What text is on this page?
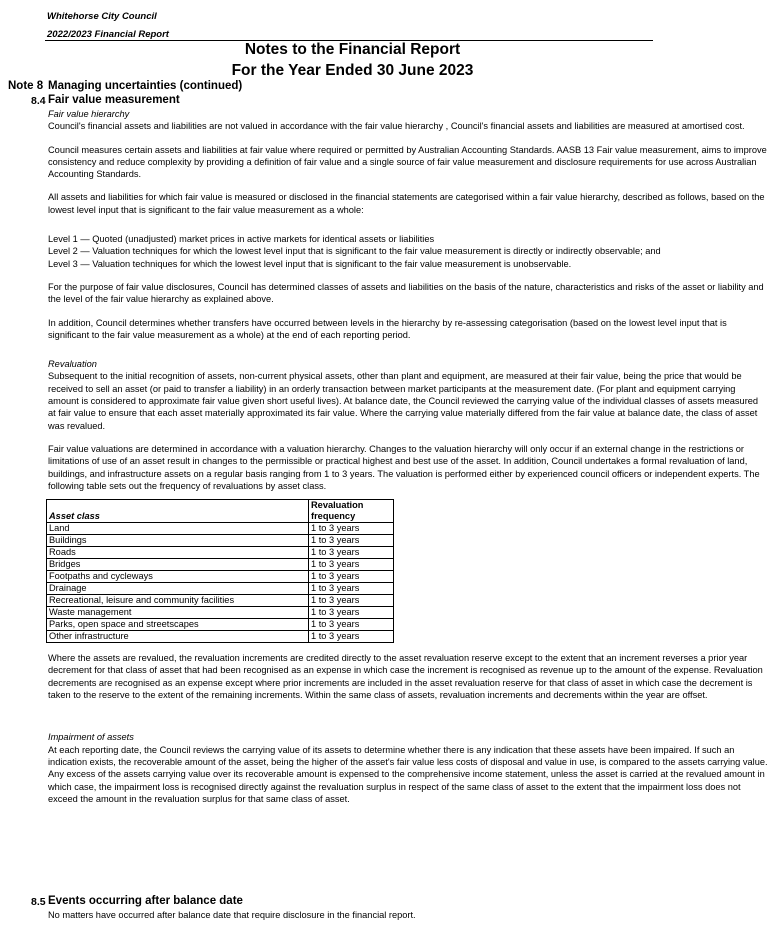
Whitehorse City Council
2022/2023 Financial Report
Notes to the Financial Report
For the Year Ended 30 June 2023
Note 8 Managing uncertainties (continued)
8.4 Fair value measurement

Fair value hierarchy

Council's financial assets and liabilities are not valued in accordance with the fair value hierarchy , Council's financial assets and liabilities are measured at amortised cost.

Council measures certain assets and liabilities at fair value where required or permitted by Australian Accounting Standards. AASB 13 Fair value measurement, aims to improve consistency and reduce complexity by providing a definition of fair value and a single source of fair value measurement and disclosure requirements for use across Australian Accounting Standards.

All assets and liabilities for which fair value is measured or disclosed in the financial statements are categorised within a fair value hierarchy, described as follows, based on the lowest level input that is significant to the fair value measurement as a whole:

Level 1 — Quoted (unadjusted) market prices in active markets for identical assets or liabilities

Level 2 — Valuation techniques for which the lowest level input that is significant to the fair value measurement is directly or indirectly observable; and

Level 3 — Valuation techniques for which the lowest level input that is significant to the fair value measurement is unobservable.

For the purpose of fair value disclosures, Council has determined classes of assets and liabilities on the basis of the nature, characteristics and risks of the asset or liability and the level of the fair value hierarchy as explained above.

In addition, Council determines whether transfers have occurred between levels in the hierarchy by re-assessing categorisation (based on the lowest level input that is significant to the fair value measurement as a whole) at the end of each reporting period.

Revaluation

Subsequent to the initial recognition of assets, non-current physical assets, other than plant and equipment, are measured at their fair value, being the price that would be received to sell an asset (or paid to transfer a liability) in an orderly transaction between market participants at the measurement date. (For plant and equipment carrying amount is considered to approximate fair value given short useful lives). At balance date, the Council reviewed the carrying value of the individual classes of assets measured at fair value to ensure that each asset materially approximated its fair value. Where the carrying value materially differed from the fair value at balance date, the class of asset was revalued.

Fair value valuations are determined in accordance with a valuation hierarchy. Changes to the valuation hierarchy will only occur if an external change in the restrictions or limitations of use of an asset result in changes to the permissible or practical highest and best use of the asset. In addition, Council undertakes a formal revaluation of land, buildings, and infrastructure assets on a regular basis ranging from 1 to 3 years. The valuation is performed either by experienced council officers or independent experts. The following table sets out the frequency of revaluations by asset class.

Asset class	Revaluation
frequency
Land	1 to 3 years
Buildings	1 to 3 years
Roads	1 to 3 years
Bridges	1 to 3 years
Footpaths and cycleways	1 to 3 years
Drainage	1 to 3 years
Recreational, leisure and community facilities	1 to 3 years
Waste management	1 to 3 years
Parks, open space and streetscapes	1 to 3 years
Other infrastructure	1 to 3 years

Where the assets are revalued, the revaluation increments are credited directly to the asset revaluation reserve except to the extent that an increment reverses a prior year decrement for that class of asset that had been recognised as an expense in which case the increment is recognised as revenue up to the amount of the expense. Revaluation decrements are recognised as an expense except where prior increments are included in the asset revaluation reserve for that class of asset in which case the decrement is taken to the reserve to the extent of the remaining increments. Within the same class of assets, revaluation increments and decrements within the year are offset.

Impairment of assets

At each reporting date, the Council reviews the carrying value of its assets to determine whether there is any indication that these assets have been impaired. If such an indication exists, the recoverable amount of the asset, being the higher of the asset's fair value less costs of disposal and value in use, is compared to the assets carrying value. Any excess of the assets carrying value over its recoverable amount is expensed to the comprehensive income statement, unless the asset is carried at the revalued amount in which case, the impairment loss is recognised directly against the revaluation surplus in respect of the same class of asset to the extent that the impairment loss does not exceed the amount in the revaluation surplus for that same class of asset.

8.5 Events occurring after balance date
No matters have occurred after balance date that require disclosure in the financial report.
